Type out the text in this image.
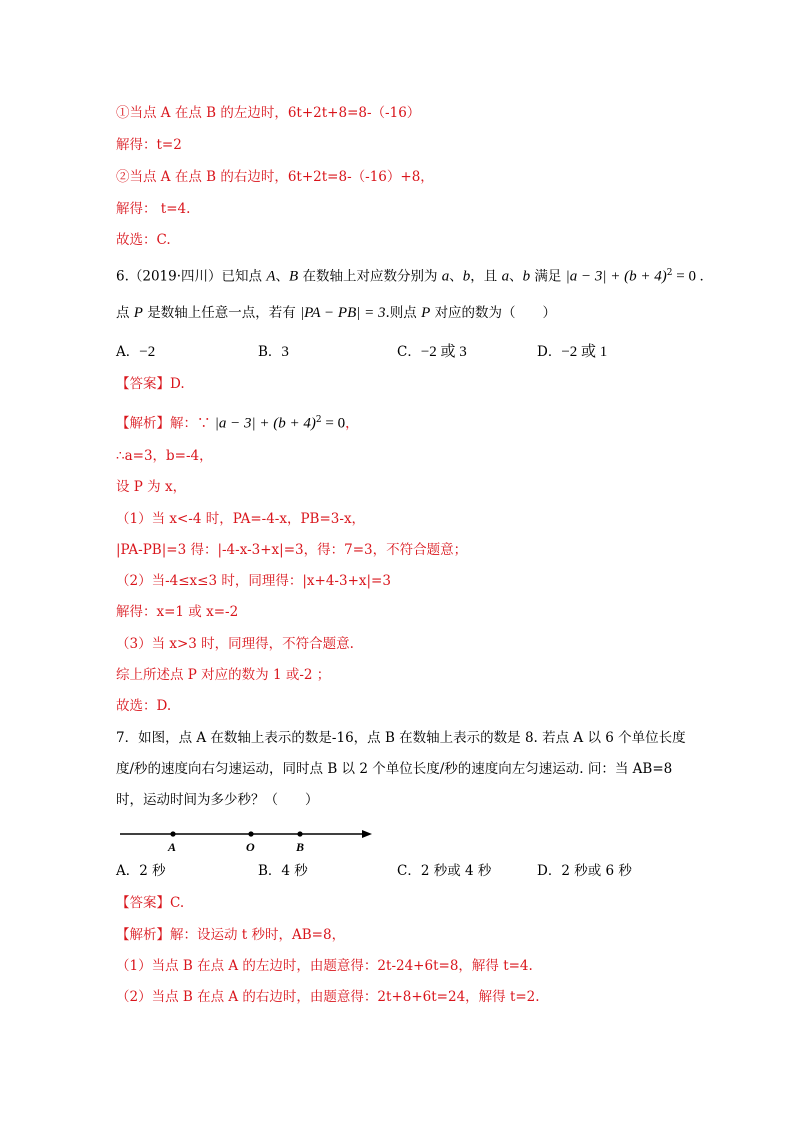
①当点 A 在点 B 的左边时，6t+2t+8=8-（-16）
解得：t=2
②当点 A 在点 B 的右边时，6t+2t=8-（-16）+8，
解得： t=4.
故选：C.
6.（2019·四川）已知点 A、B 在数轴上对应数分别为 a、b，且 a、b 满足 $|a - 3| + (b + 4)^2 = 0$ .
点 P 是数轴上任意一点，若有 |PA − PB| = 3.则点 P 对应的数为（　　）
A．−2	B．3	C．−2 或 3	D．−2 或 1
【答案】D.
【解析】解：∵ $|a - 3| + (b + 4)^2 = 0$，
∴a=3，b=-4，
设 P 为 x，
（1）当 x<-4 时，PA=-4-x，PB=3-x，
|PA-PB|=3 得：|-4-x-3+x|=3，得：7=3，不符合题意；
（2）当-4≤x≤3 时，同理得：|x+4-3+x|=3
解得：x=1 或 x=-2
（3）当 x>3 时，同理得，不符合题意.
综上所述点 P 对应的数为 1 或-2 ；
故选：D.
7．如图，点 A 在数轴上表示的数是-16，点 B 在数轴上表示的数是 8. 若点 A 以 6 个单位长度
度/秒的速度向右匀速运动，同时点 B 以 2 个单位长度/秒的速度向左匀速运动. 问：当 AB=8
时，运动时间为多少秒？（　　）
A	O	B
A．2 秒	B．4 秒	C．2 秒或 4 秒	D．2 秒或 6 秒
【答案】C.
【解析】解：设运动 t 秒时，AB=8，
（1）当点 B 在点 A 的左边时，由题意得：2t-24+6t=8，解得 t=4.
（2）当点 B 在点 A 的右边时，由题意得：2t+8+6t=24，解得 t=2.
